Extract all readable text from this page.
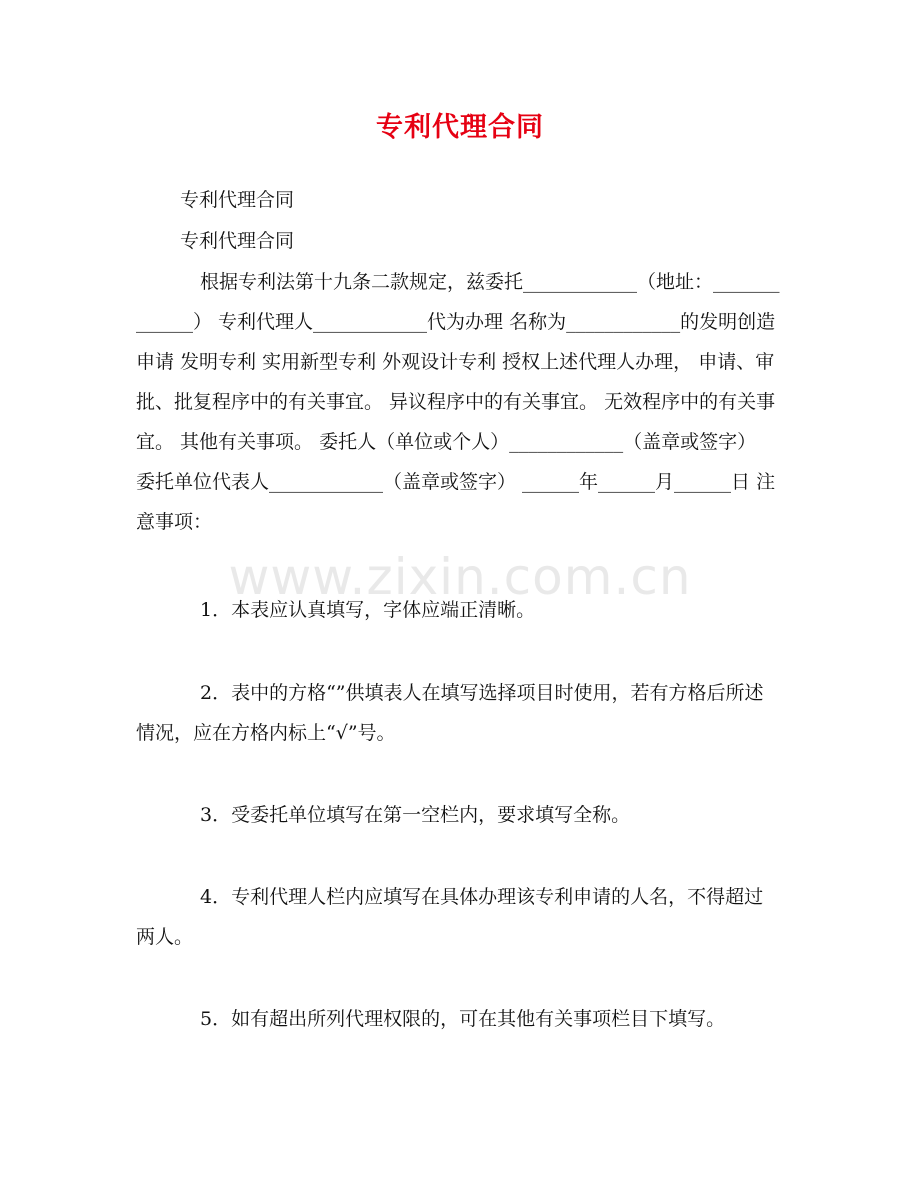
专利代理合同
专利代理合同
专利代理合同
根据专利法第十九条二款规定，兹委托____________（地址：_____________） 专利代理人____________代为办理 名称为____________的发明创造 申请 发明专利 实用新型专利 外观设计专利 授权上述代理人办理， 申请、审批、批复程序中的有关事宜。 异议程序中的有关事宜。 无效程序中的有关事宜。 其他有关事项。 委托人（单位或个人）____________（盖章或签字） 委托单位代表人____________（盖章或签字） ______年______月______日 注意事项：
www.zixin.com.cn
1．本表应认真填写，字体应端正清晰。
2．表中的方格“”供填表人在填写选择项目时使用，若有方格后所述情况，应在方格内标上“√”号。
3．受委托单位填写在第一空栏内，要求填写全称。
4．专利代理人栏内应填写在具体办理该专利申请的人名，不得超过两人。
5．如有超出所列代理权限的，可在其他有关事项栏目下填写。
